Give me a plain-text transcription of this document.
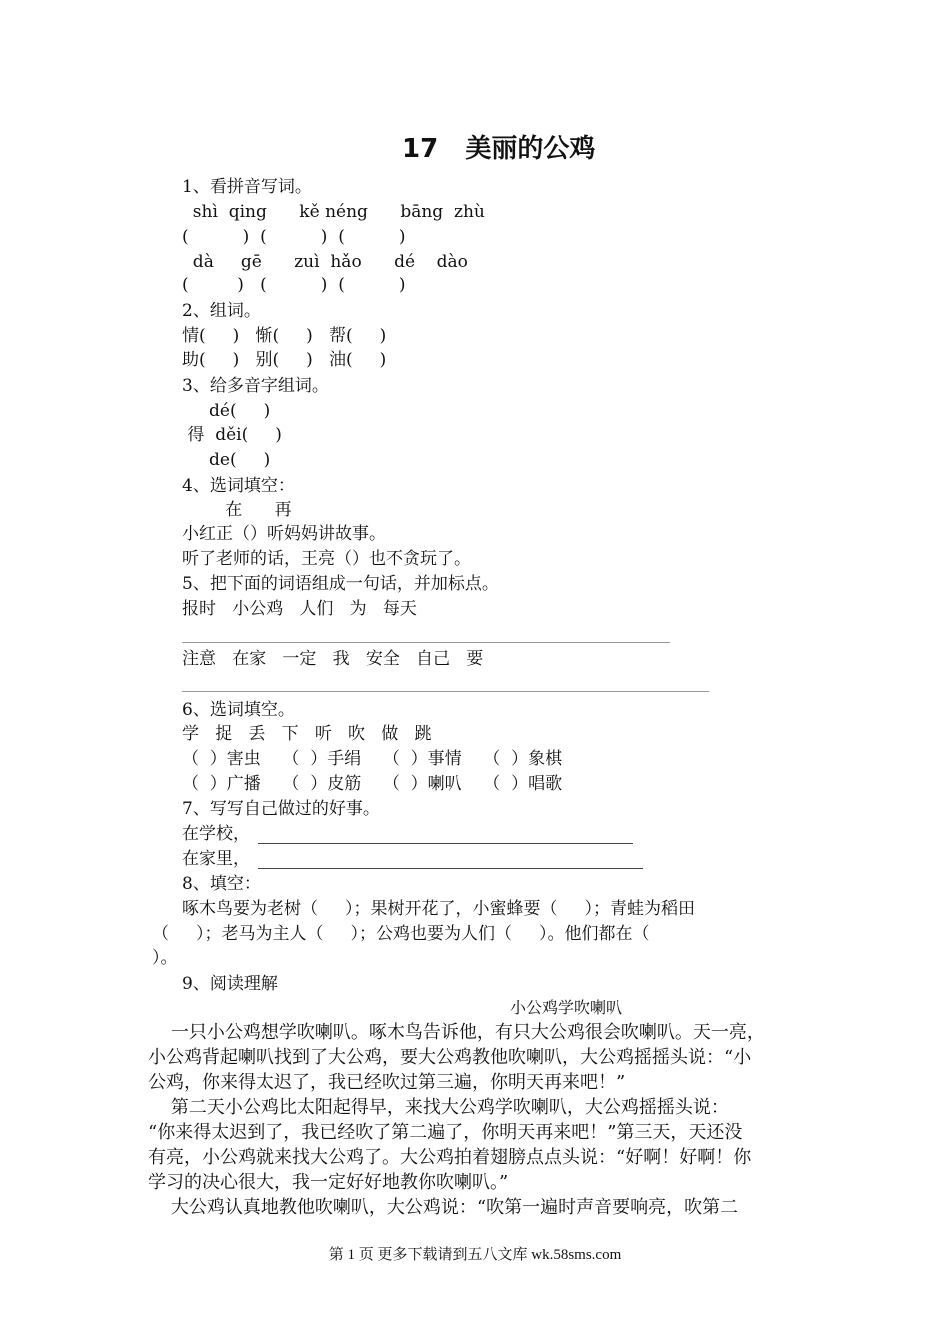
17   美丽的公鸡
1、看拼音写词。
shì  qing      kě néng      bāng  zhù
(          )  (          )  (          )
dà     gē      zuì  hǎo      dé    dào
(         )   (          )  (          )
2、组词。
情(     )   惭(     )   帮(     )
助(     )   别(     )   油(     )
3、给多音字组词。
dé(     )
得  děi(     )
de(     )
4、选词填空：
在      再
小红正（）听妈妈讲故事。
听了老师的话，王亮（）也不贪玩了。
5、把下面的词语组成一句话，并加标点。
报时   小公鸡   人们   为   每天
注意   在家   一定   我   安全   自己   要
6、选词填空。
学   捉   丢   下   听   吹   做   跳
（  ）害虫    （  ）手绢    （  ）事情    （  ）象棋
（  ）广播    （  ）皮筋    （  ）喇叭    （  ）唱歌
7、写写自己做过的好事。
在学校，
在家里，
8、填空：
啄木鸟要为老树（     ）；果树开花了，小蜜蜂要（     ）；青蛙为稻田
（     ）；老马为主人（     ）；公鸡也要为人们（     ）。他们都在（
）。
9、阅读理解
小公鸡学吹喇叭
一只小公鸡想学吹喇叭。啄木鸟告诉他，有只大公鸡很会吹喇叭。天一亮，
小公鸡背起喇叭找到了大公鸡，要大公鸡教他吹喇叭，大公鸡摇摇头说：“小
公鸡，你来得太迟了，我已经吹过第三遍，你明天再来吧！”
第二天小公鸡比太阳起得早，来找大公鸡学吹喇叭，大公鸡摇摇头说：
“你来得太迟到了，我已经吹了第二遍了，你明天再来吧！”第三天，天还没
有亮，小公鸡就来找大公鸡了。大公鸡拍着翅膀点点头说：“好啊！好啊！你
学习的决心很大，我一定好好地教你吹喇叭。”
大公鸡认真地教他吹喇叭，大公鸡说：“吹第一遍时声音要响亮，吹第二
第 1 页 更多下载请到五八文库 wk.58sms.com
